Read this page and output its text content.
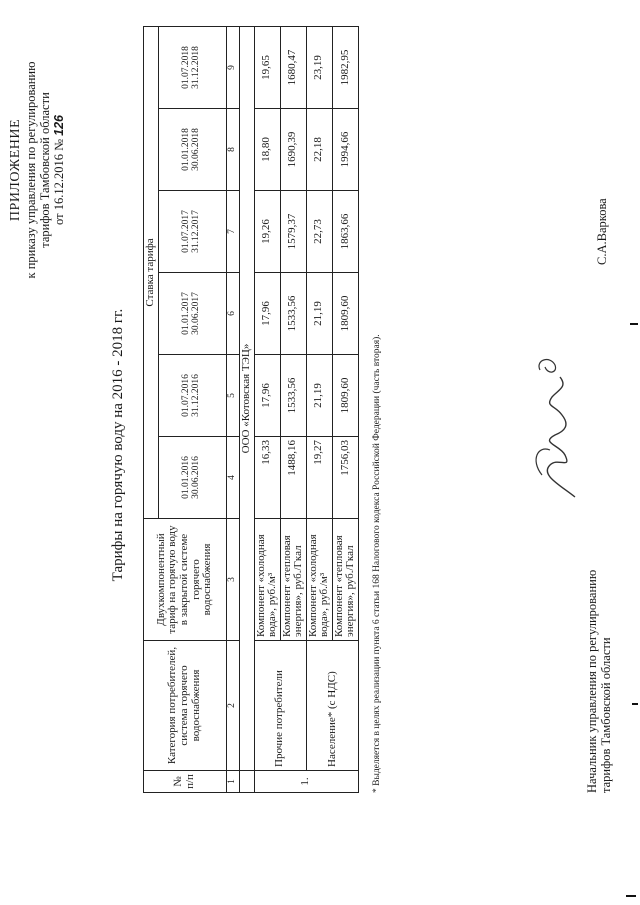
ПРИЛОЖЕНИЕ к приказу управления по регулированию тарифов Тамбовской области от 16.12.2016 № 126
Тарифы на горячую воду на 2016 - 2018 гг.
№ п/п	Категория потребителей, система горячего водоснабжения	Двухкомпонентный тариф на горячую воду в закрытой системе горячего водоснабжения	Ставка тарифа					
			01.01.2016 30.06.2016	01.07.2016 31.12.2016	01.01.2017 30.06.2017	01.07.2017 31.12.2017	01.01.2018 30.06.2018	01.07.2018 31.12.2018
1	2	3	4	5	6	7	8	9
	ООО «Котовская ТЭЦ»							
1.	Прочие потребители	Компонент «холодная вода», руб./м³	16,33	17,96	17,96	19,26	18,80	19,65
		Компонент «тепловая энергия», руб./Гкал	1488,16	1533,56	1533,56	1579,37	1690,39	1680,47
	Население* (с НДС)	Компонент «холодная вода», руб./м³	19,27	21,19	21,19	22,73	22,18	23,19
		Компонент «тепловая энергия», руб./Гкал	1756,03	1809,60	1809,60	1863,66	1994,66	1982,95
* Выделяется в целях реализации пункта 6 статьи 168 Налогового кодекса Российской Федерации (часть вторая).	Начальник управления по регулированию тарифов Тамбовской области
С.А.Варкова
